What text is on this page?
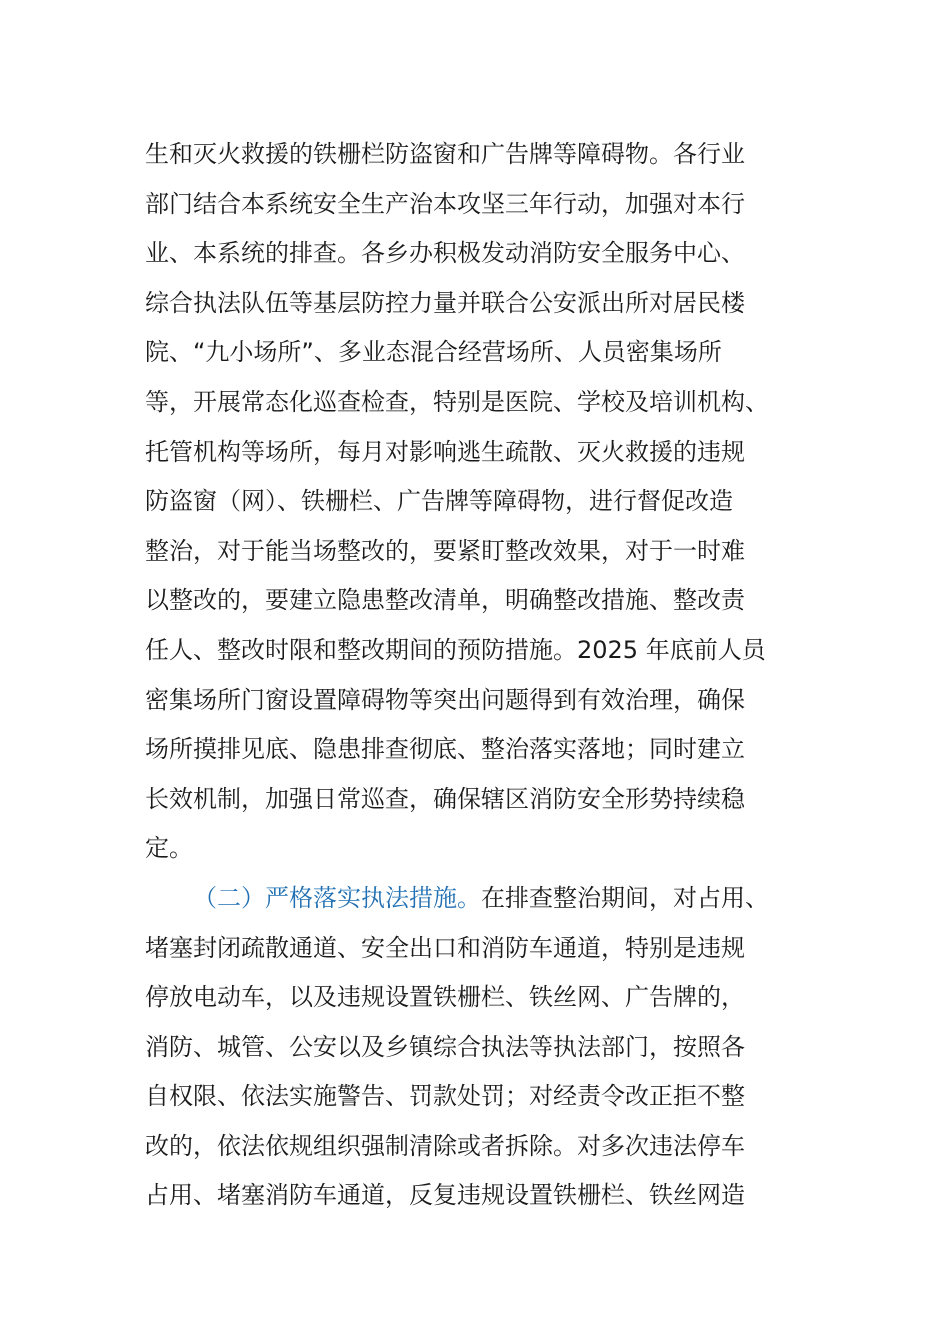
生和灭火救援的铁栅栏防盗窗和广告牌等障碍物。各行业
部门结合本系统安全生产治本攻坚三年行动，加强对本行
业、本系统的排查。各乡办积极发动消防安全服务中心、
综合执法队伍等基层防控力量并联合公安派出所对居民楼
院、“九小场所”、多业态混合经营场所、人员密集场所
等，开展常态化巡查检查，特别是医院、学校及培训机构、
托管机构等场所，每月对影响逃生疏散、灭火救援的违规
防盗窗（网）、铁栅栏、广告牌等障碍物，进行督促改造
整治，对于能当场整改的，要紧盯整改效果，对于一时难
以整改的，要建立隐患整改清单，明确整改措施、整改责
任人、整改时限和整改期间的预防措施。2025 年底前人员
密集场所门窗设置障碍物等突出问题得到有效治理，确保
场所摸排见底、隐患排查彻底、整治落实落地；同时建立
长效机制，加强日常巡查，确保辖区消防安全形势持续稳
定。
（二）严格落实执法措施。在排查整治期间，对占用、
堵塞封闭疏散通道、安全出口和消防车通道，特别是违规
停放电动车，以及违规设置铁栅栏、铁丝网、广告牌的，
消防、城管、公安以及乡镇综合执法等执法部门，按照各
自权限、依法实施警告、罚款处罚；对经责令改正拒不整
改的，依法依规组织强制清除或者拆除。对多次违法停车
占用、堵塞消防车通道，反复违规设置铁栅栏、铁丝网造
